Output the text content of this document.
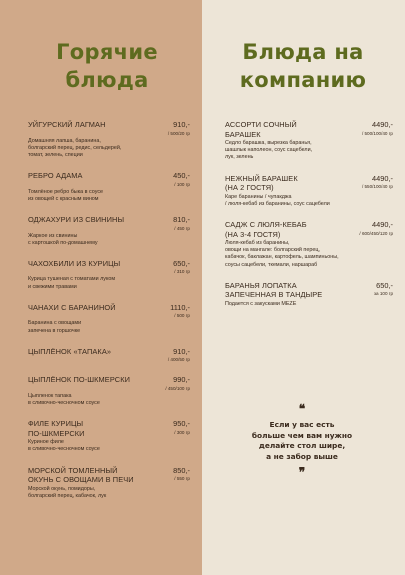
Горячие
блюда
УЙГУРСКИЙ ЛАГМАН	910,-
/ 500/20 гр
Домашняя лапша, баранина,
болгарский перец, редис, сельдерей,
томат, зелень, специи
РЕБРО АДАМА	450,-
/ 100 гр
Томлёное ребро быка в соусе
из овощей с красным вином
ОДЖАХУРИ ИЗ СВИНИНЫ	810,-
/ 450 гр
Жаркое из свинины
с картошкой по-домашнему
ЧАХОХБИЛИ ИЗ КУРИЦЫ	650,-
/ 310 гр
Курица тушеная с томатами луком
и свежими травами
ЧАНАХИ С БАРАНИНОЙ	1110,-
/ 500 гр
Баранина с овощами
запечена в горшочке
ЦЫПЛЁНОК «ТАПАКА»	910,-
/ 400/50 гр
ЦЫПЛЁНОК ПО-ШКМЕРСКИ	990,-
/ 450/100 гр
Цыпленок тапака
в сливочно-чесночном соусе
ФИЛЕ КУРИЦЫ
ПО-ШКМЕРСКИ
950,-
/ 300 гр
Куриное филе
в сливочно-чесночном соусе
МОРСКОЙ ТОМЛЕННЫЙ
ОКУНЬ С ОВОЩАМИ В ПЕЧИ
850,-
/ 550 гр
Морской окунь, помидоры,
болгарский перец, кабачок, лук
Блюда на
компанию
АССОРТИ СОЧНЫЙ
БАРАШЕК
4490,-
/ 500/100/40 гр
Седло барашка, вырезка баранья,
шашлык наполеон, соус сацебели,
лук, зелень
НЕЖНЫЙ БАРАШЕК
(НА 2 ГОСТЯ)
4490,-
/ 550/100/40 гр
Каре баранины / чупакджа
/ люля-кебаб из баранины, соус сацебели
САДЖ С ЛЮЛЯ-КЕБАБ
(НА 3-4 ГОСТЯ)
4490,-
/ 600/450/120 гр
Люля-кебаб из баранины,
овощи на мангале: болгарский перец,
кабачок, баклажан, картофель, шампиньоны,
соусы сацебели, ткемали, наршараб
БАРАНЬЯ ЛОПАТКА
ЗАПЕЧЕННАЯ В ТАНДЫРЕ
650,-
за 100 гр
Подается с закусками MEZE
❝
Если у вас есть
больше чем вам нужно
делайте стол шире,
а не забор выше
❞
